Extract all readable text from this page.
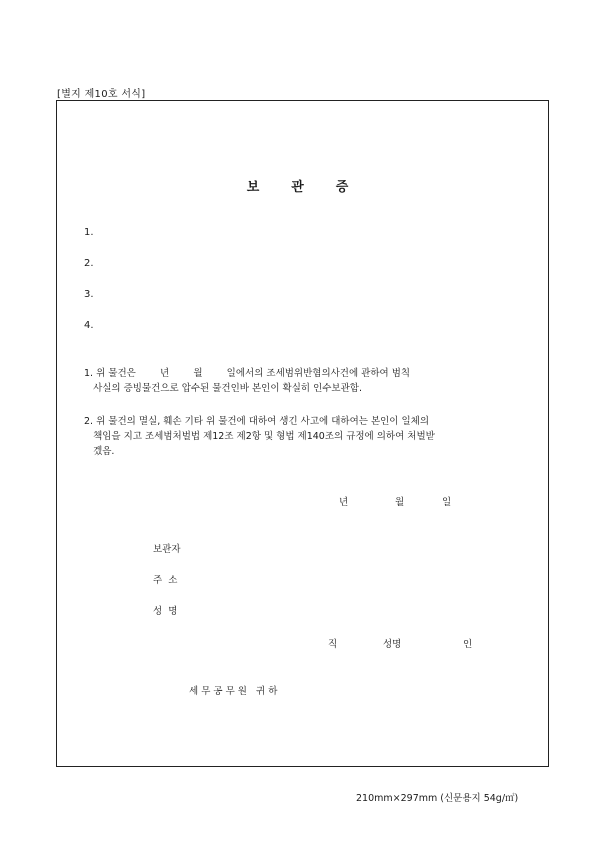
[별지 제10호 서식]
보 관 증
1.
2.
3.
4.
1. 위 물건은        년        월        일에서의 조세범위반혐의사건에 관하여 범칙
사실의 증빙물건으로 압수된 물건인바 본인이 확실히 인수보관함.
2. 위 물건의 멸실, 훼손 기타 위 물건에 대하여 생긴 사고에 대하여는 본인이 일체의
책임을 지고 조세범처벌법 제12조 제2항 및 형법 제140조의 규정에 의하여 처벌받
겠음.
년	월	일
보관자
주  소
성  명
직	성명	인
세 무 공 무 원   귀 하
210mm×297mm (신문용지 54g/㎡)
